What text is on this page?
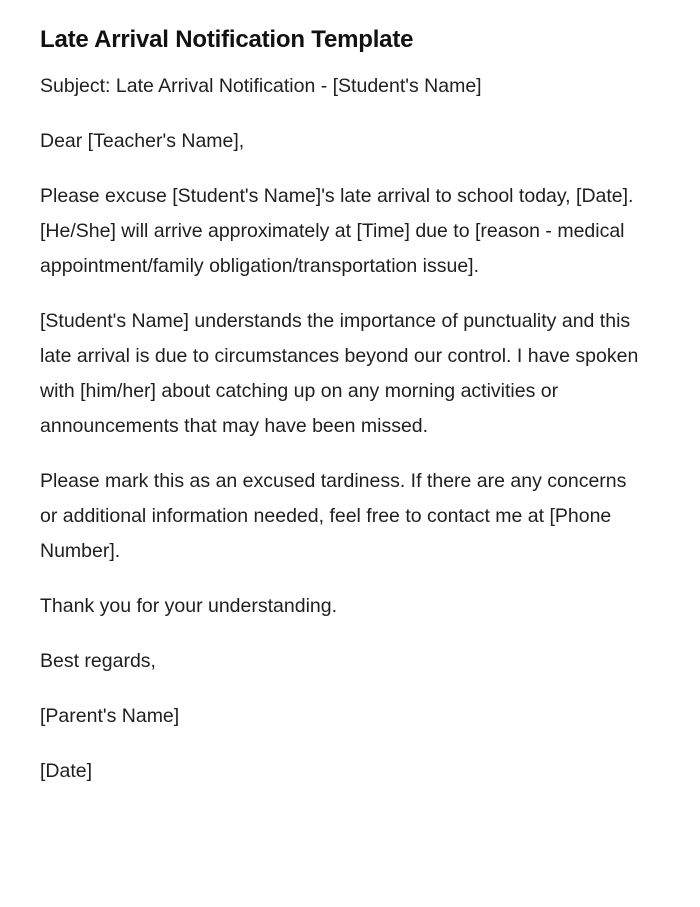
Late Arrival Notification Template

Subject: Late Arrival Notification - [Student's Name]

Dear [Teacher's Name],

Please excuse [Student's Name]'s late arrival to school today, [Date]. [He/She] will arrive approximately at [Time] due to [reason - medical appointment/family obligation/transportation issue].

[Student's Name] understands the importance of punctuality and this late arrival is due to circumstances beyond our control. I have spoken with [him/her] about catching up on any morning activities or announcements that may have been missed.

Please mark this as an excused tardiness. If there are any concerns or additional information needed, feel free to contact me at [Phone Number].

Thank you for your understanding.

Best regards,

[Parent's Name]

[Date]
